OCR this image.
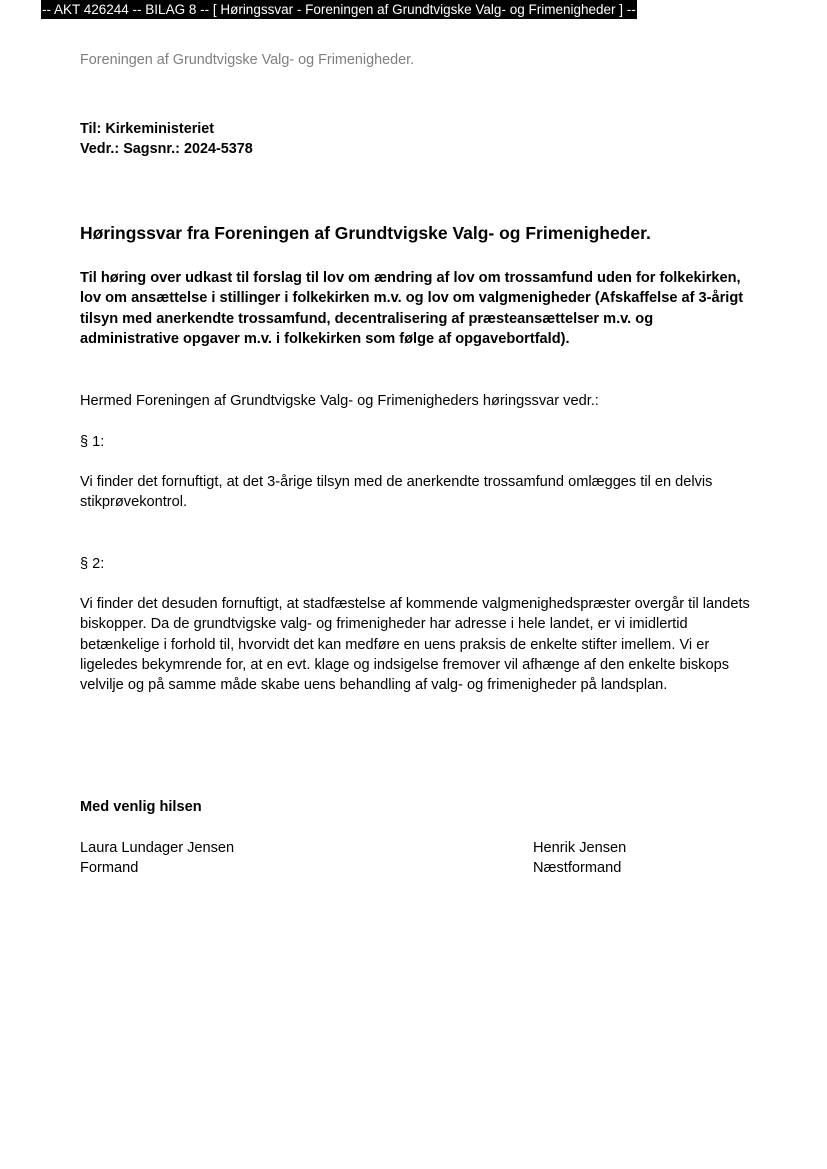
-- AKT 426244 -- BILAG 8 -- [ Høringssvar - Foreningen af Grundtvigske Valg- og Frimenigheder ] --
Foreningen af Grundtvigske Valg- og Frimenigheder.
Til: Kirkeministeriet
Vedr.: Sagsnr.: 2024-5378
Høringssvar fra Foreningen af Grundtvigske Valg- og Frimenigheder.
Til høring over udkast til forslag til lov om ændring af lov om trossamfund uden for folkekirken, lov om ansættelse i stillinger i folkekirken m.v. og lov om valgmenigheder (Afskaffelse af 3-årigt tilsyn med anerkendte trossamfund, decentralisering af præsteansættelser m.v. og administrative opgaver m.v. i folkekirken som følge af opgavebortfald).
Hermed Foreningen af Grundtvigske Valg- og Frimenigheders høringssvar vedr.:
§ 1:
Vi finder det fornuftigt, at det 3-årige tilsyn med de anerkendte trossamfund omlægges til en delvis stikprøvekontrol.
§ 2:
Vi finder det desuden fornuftigt, at stadfæstelse af kommende valgmenighedspræster overgår til landets biskopper. Da de grundtvigske valg- og frimenigheder har adresse i hele landet, er vi imidlertid betænkelige i forhold til, hvorvidt det kan medføre en uens praksis de enkelte stifter imellem. Vi er ligeledes bekymrende for, at en evt. klage og indsigelse fremover vil afhænge af den enkelte biskops velvilje og på samme måde skabe uens behandling af valg- og frimenigheder på landsplan.
Med venlig hilsen
Laura Lundager Jensen
Formand
Henrik Jensen
Næstformand
